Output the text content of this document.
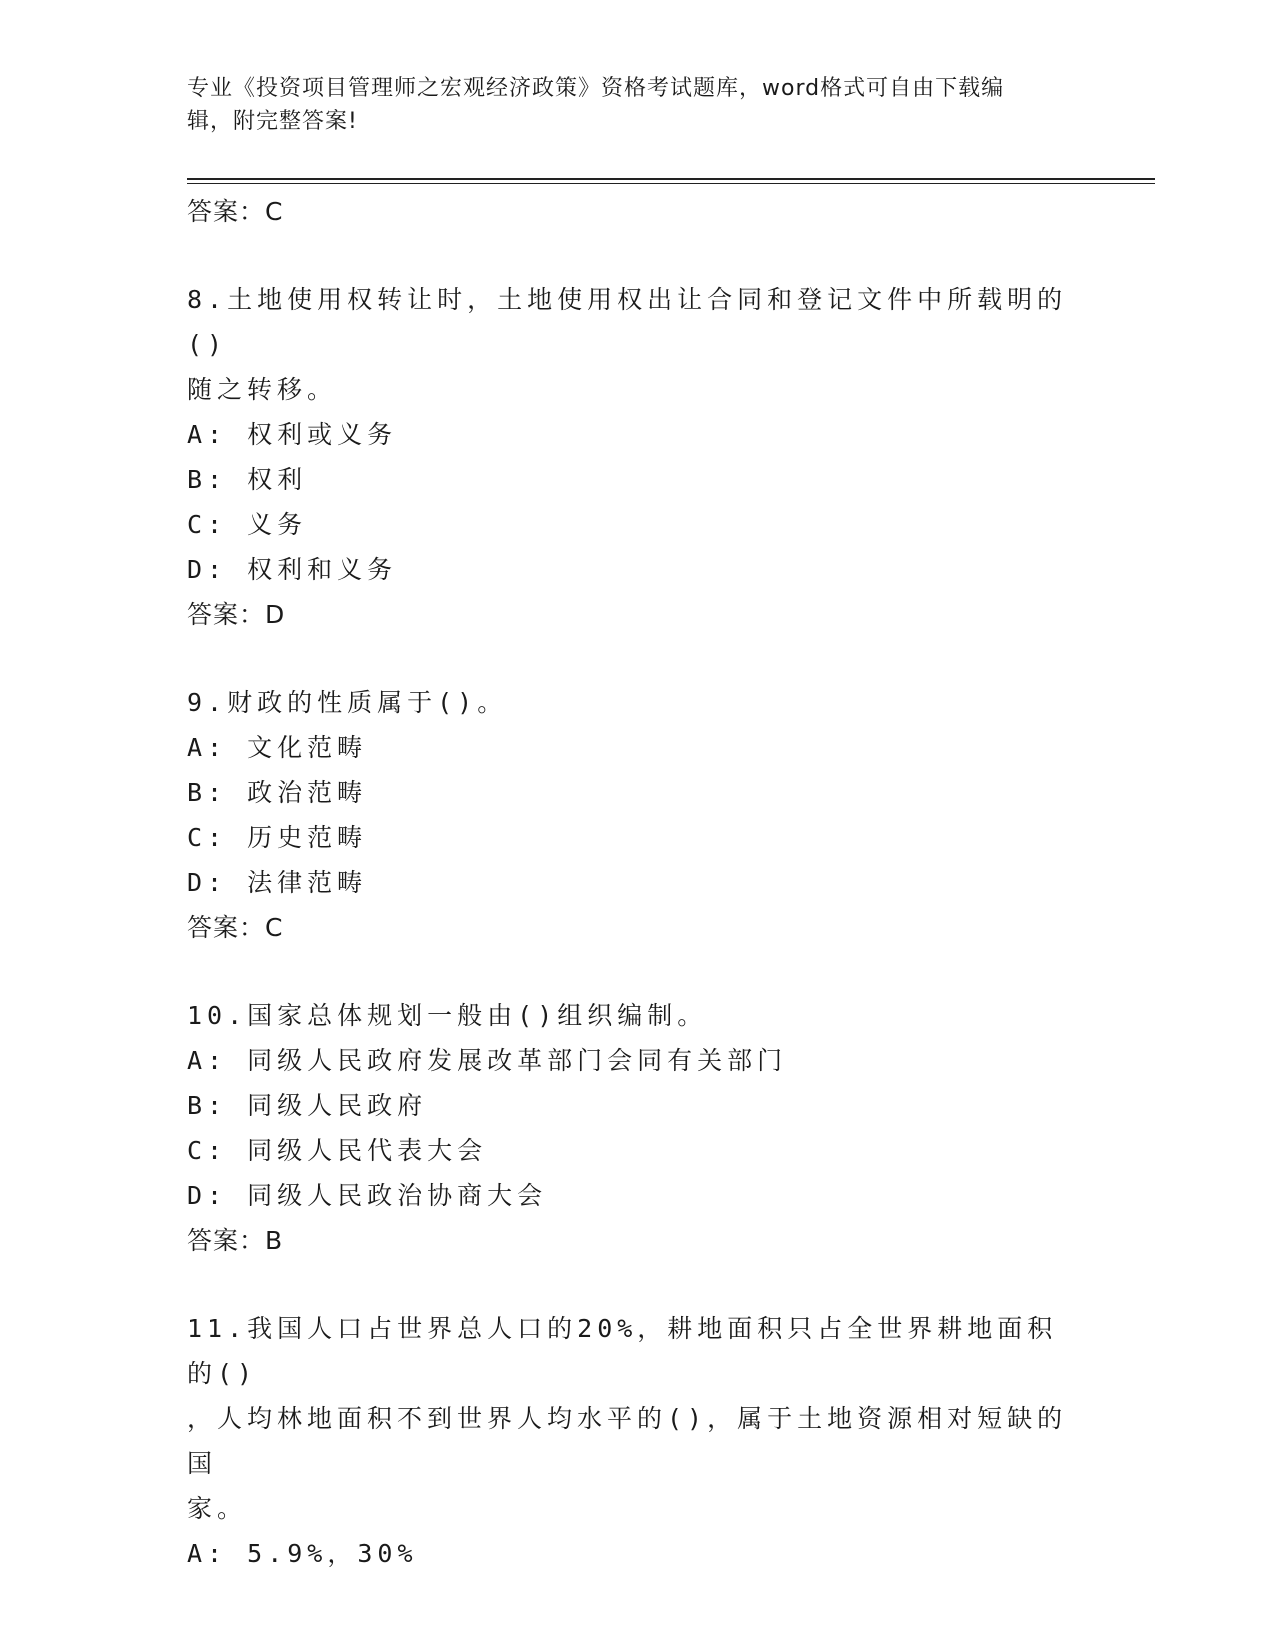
专业《投资项目管理师之宏观经济政策》资格考试题库，word格式可自由下载编
辑，附完整答案!
答案：C
8.土地使用权转让时，土地使用权出让合同和登记文件中所载明的()
随之转移。
A: 权利或义务
B: 权利
C: 义务
D: 权利和义务
答案：D
9.财政的性质属于()。
A: 文化范畴
B: 政治范畴
C: 历史范畴
D: 法律范畴
答案：C
10.国家总体规划一般由()组织编制。
A: 同级人民政府发展改革部门会同有关部门
B: 同级人民政府
C: 同级人民代表大会
D: 同级人民政治协商大会
答案：B
11.我国人口占世界总人口的20%，耕地面积只占全世界耕地面积的()
，人均林地面积不到世界人均水平的()，属于土地资源相对短缺的国
家。
A: 5.9%，30%
